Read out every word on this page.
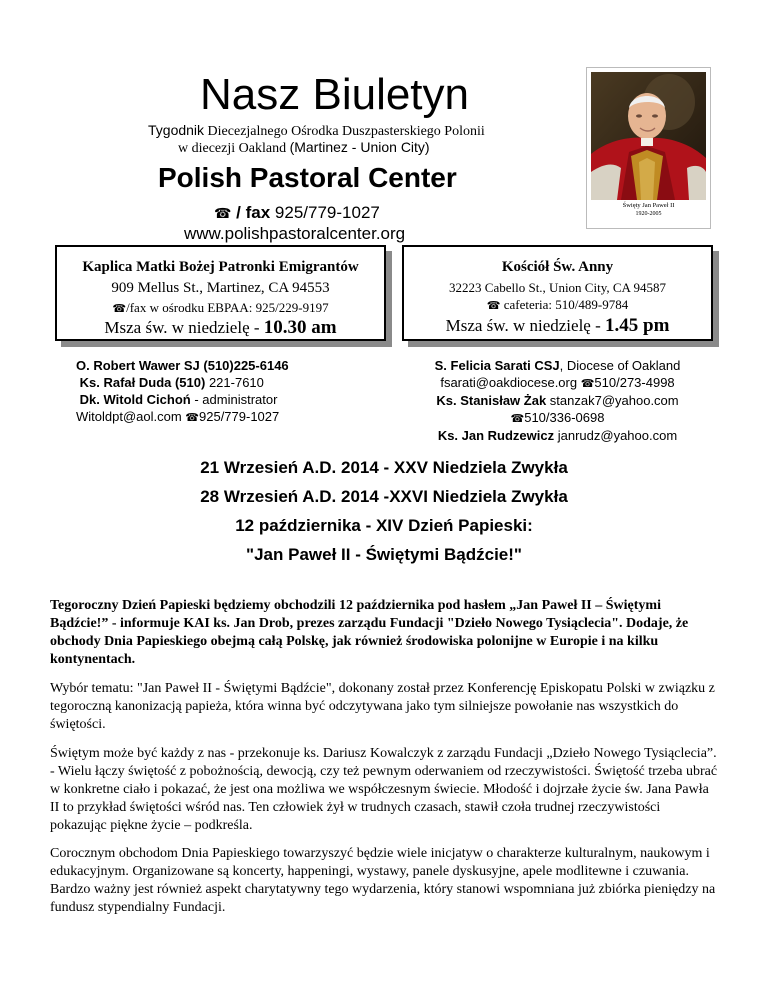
Nasz Biuletyn
Tygodnik Diecezjalnego Ośrodka Duszpasterskiego Polonii
w diecezji Oakland (Martinez - Union City)
Polish Pastoral Center
☎ / fax 925/779-1027
www.polishpastoralcenter.org
Święty Jan Paweł II
1920-2005
Kaplica Matki Bożej Patronki Emigrantów
909 Mellus St., Martinez, CA 94553
☎/fax w ośrodku EBPAA: 925/229-9197
Msza św. w niedzielę - 10.30 am
Kościół Św. Anny
32223 Cabello St., Union City, CA 94587
☎ cafeteria: 510/489-9784
Msza św. w niedzielę - 1.45 pm
O. Robert Wawer SJ (510)225-6146
Ks. Rafał Duda (510) 221-7610
Dk. Witold Cichoń - administrator
Witoldpt@aol.com ☎925/779-1027
S. Felicia Sarati CSJ, Diocese of Oakland
fsarati@oakdiocese.org ☎510/273-4998
Ks. Stanisław Żak stanzak7@yahoo.com
☎510/336-0698
Ks. Jan Rudzewicz janrudz@yahoo.com
21 Wrzesień A.D. 2014 - XXV Niedziela Zwykła
28 Wrzesień A.D. 2014 -XXVI Niedziela Zwykła
12 października - XIV Dzień Papieski:
"Jan Paweł II - Świętymi Bądźcie!"
Tegoroczny Dzień Papieski będziemy obchodzili 12 października pod hasłem „Jan Paweł II – Świętymi Bądźcie!” - informuje KAI ks. Jan Drob, prezes zarządu Fundacji "Dzieło Nowego Tysiąclecia". Dodaje, że obchody Dnia Papieskiego obejmą całą Polskę, jak również środowiska polonijne w Europie i na kilku kontynentach.
Wybór tematu: "Jan Paweł II - Świętymi Bądźcie", dokonany został przez Konferencję Episkopatu Polski w związku z tegoroczną kanonizacją papieża, która winna być odczytywana jako tym silniejsze powołanie nas wszystkich do świętości.
Świętym może być każdy z nas - przekonuje ks. Dariusz Kowalczyk z zarządu Fundacji „Dzieło Nowego Tysiąclecia”. - Wielu łączy świętość z pobożnością, dewocją, czy też pewnym oderwaniem od rzeczywistości. Świętość trzeba ubrać w konkretne ciało i pokazać, że jest ona możliwa we współczesnym świecie. Młodość i dojrzałe życie św. Jana Pawła II to przykład świętości wśród nas. Ten człowiek żył w trudnych czasach, stawił czoła trudnej rzeczywistości pokazując piękne życie – podkreśla.
Corocznym obchodom Dnia Papieskiego towarzyszyć będzie wiele inicjatyw o charakterze kulturalnym, naukowym i edukacyjnym. Organizowane są koncerty, happeningi, wystawy, panele dyskusyjne, apele modlitewne i czuwania. Bardzo ważny jest również aspekt charytatywny tego wydarzenia, który stanowi wspomniana już zbiórka pieniędzy na fundusz stypendialny Fundacji.
